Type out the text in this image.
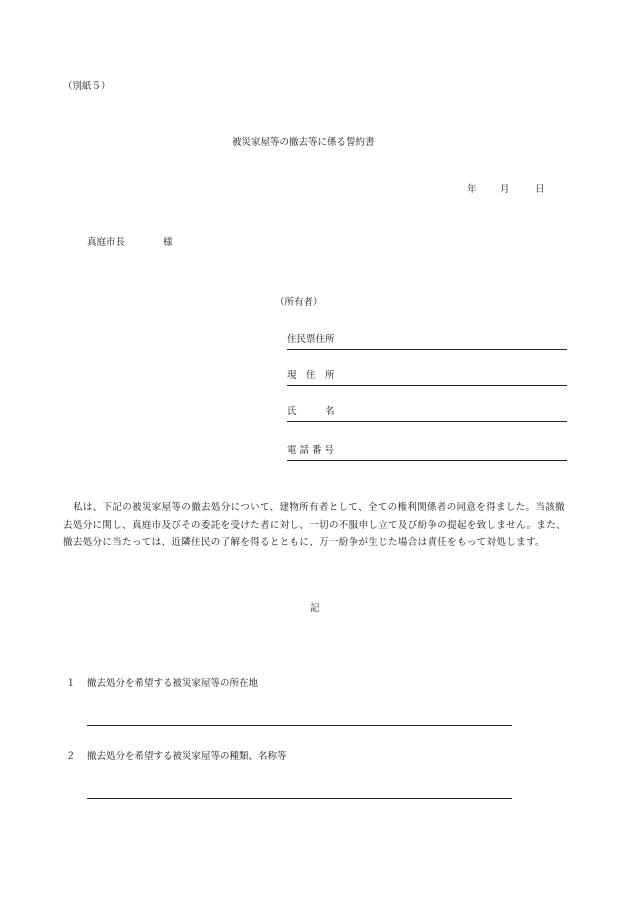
（別紙５）
被災家屋等の撤去等に係る誓約書
年 月	日
真庭市長	様
（所有者）
住民票住所
現　住　所
氏　　　名
電 話 番 号
私は、下記の被災家屋等の撤去処分について、建物所有者として、全ての権利関係者の同意を得ました。当該撤去処分に関し、真庭市及びその委託を受けた者に対し、一切の不服申し立て及び紛争の提起を致しません。また、撤去処分に当たっては、近隣住民の了解を得るとともに、万一紛争が生じた場合は責任をもって対処します。
記
１ 撤去処分を希望する被災家屋等の所在地
２ 撤去処分を希望する被災家屋等の種類、名称等
